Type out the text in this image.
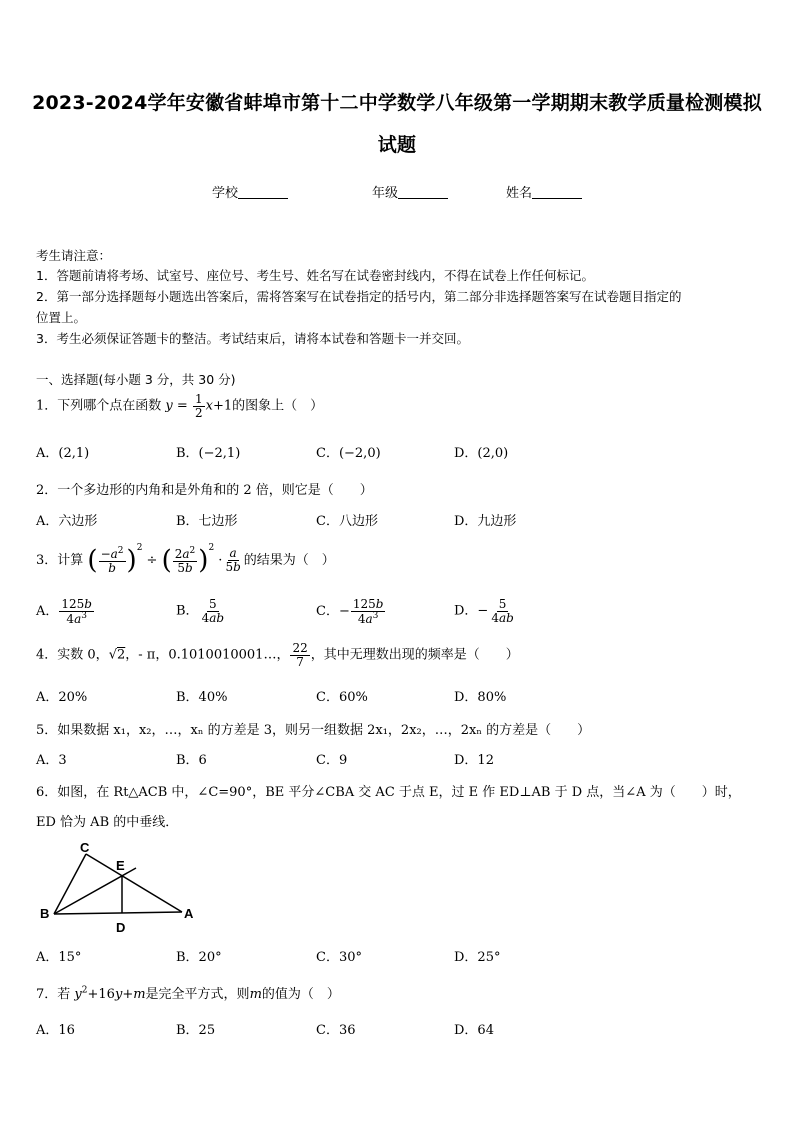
2023-2024学年安徽省蚌埠市第十二中学数学八年级第一学期期末教学质量检测模拟
试题
学校	年级	姓名
考生请注意：
1．答题前请将考场、试室号、座位号、考生号、姓名写在试卷密封线内，不得在试卷上作任何标记。
2．第一部分选择题每小题选出答案后，需将答案写在试卷指定的括号内，第二部分非选择题答案写在试卷题目指定的
位置上。
3．考生必须保证答题卡的整洁。考试结束后，请将本试卷和答题卡一并交回。
一、选择题(每小题 3 分，共 30 分)
1．下列哪个点在函数 $y = \frac{1}{2} x+1$的图象上（　）
A．(2,1)	B．(−2,1)	C．(−2,0)	D．(2,0)
2．一个多边形的内角和是外角和的 2 倍，则它是（　　）
A．六边形	B．七边形	C．八边形	D．九边形
3．计算 ( $\frac{-a^2}{b} )^2$ ÷ ( $\frac{2a^2}{5b} )^2 \cdot \frac{a}{5b}$ 的结果为（　）
A． $\frac{125b}{4a^3}$	B． $\frac{5}{4ab}$	C．− $\frac{125b}{4a^3}$	D．− $\frac{5}{4ab}$
4．实数 0，√2，- π，0.1010010001…， $\frac{22}{7}$ ，其中无理数出现的频率是（　　）
A．20%	B．40%	C．60%	D．80%
5．如果数据 x₁，x₂，…，xₙ 的方差是 3，则另一组数据 2x₁，2x₂，…，2xₙ 的方差是（　　）
A．3	B．6	C．9	D．12
6．如图，在 Rt△ACB 中，∠C=90°，BE 平分∠CBA 交 AC 于点 E，过 E 作 ED⊥AB 于 D 点，当∠A 为（　　）时，
ED 恰为 AB 的中垂线．
C
E
B
D
A
A．15°	B．20°	C．30°	D．25°
7．若 $y^2+16y+m$是完全平方式，则m的值为（　）
A．16	B．25	C．36	D．64
